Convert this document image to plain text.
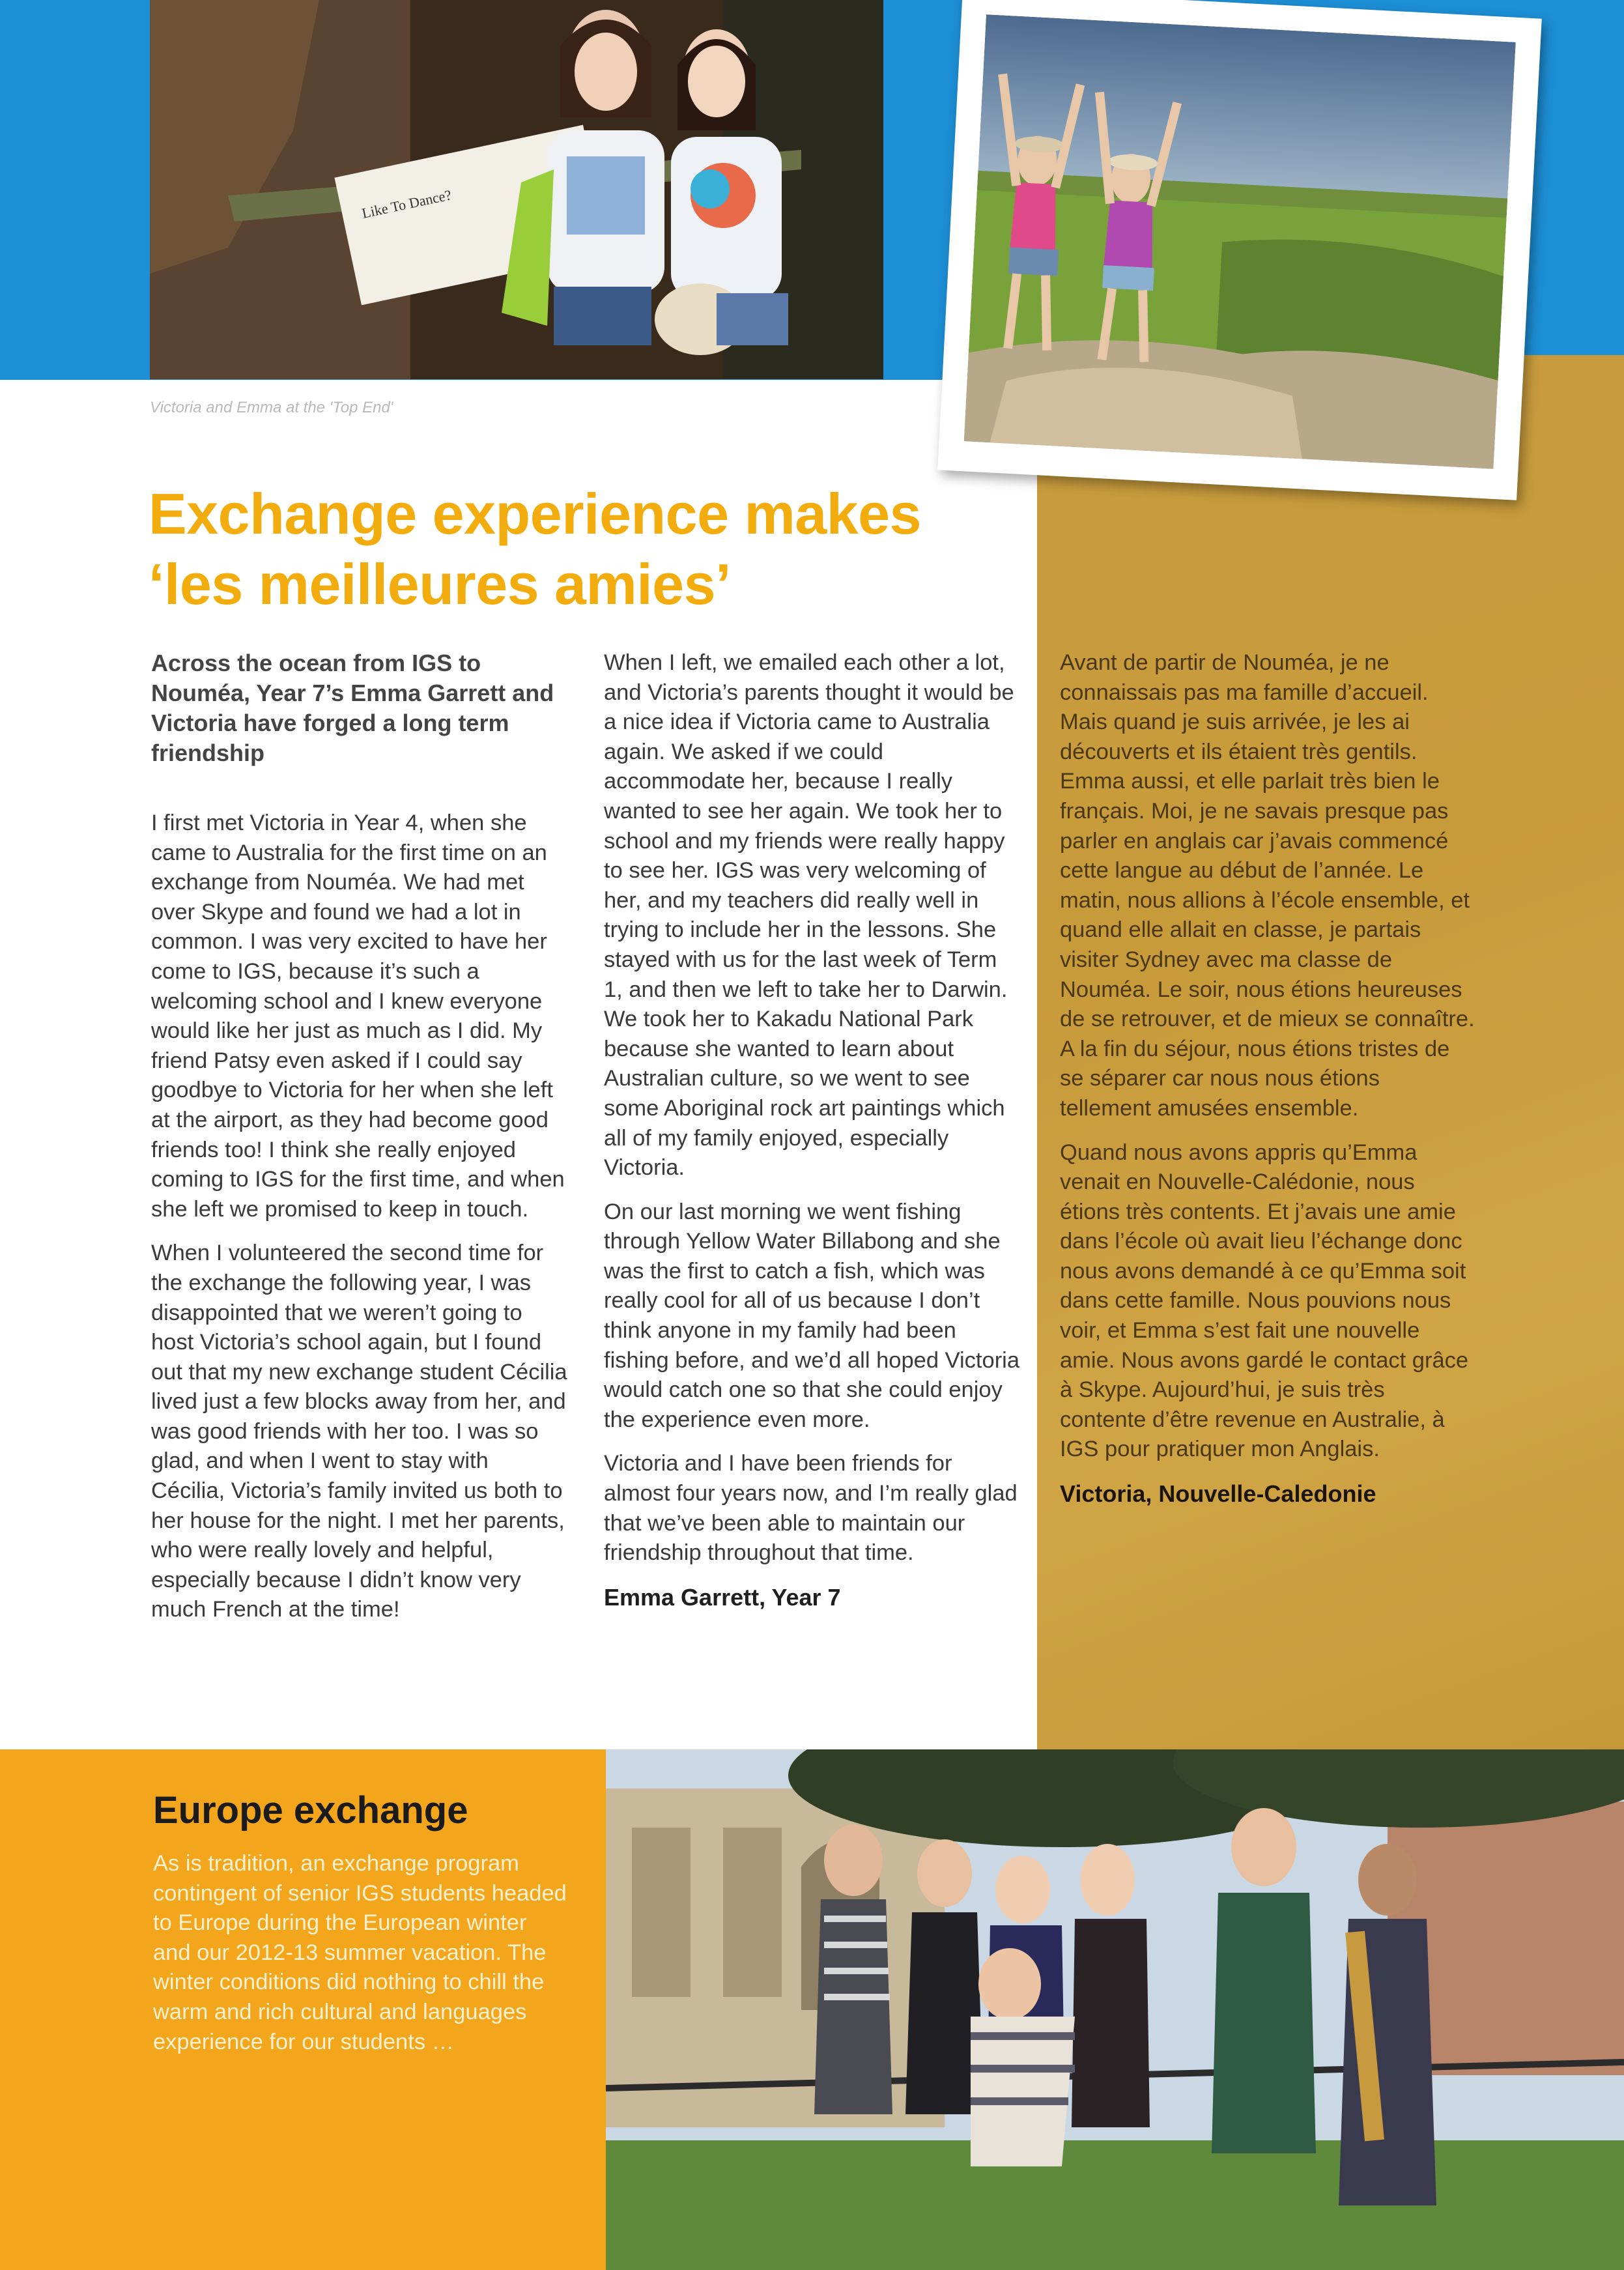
Like To Dance?
Victoria and Emma at the 'Top End'
Exchange experience makes
‘les meilleures amies’

Across the ocean from IGS to Nouméa, Year 7’s Emma Garrett and Victoria have forged a long term friendship

I first met Victoria in Year 4, when she came to Australia for the first time on an exchange from Nouméa. We had met over Skype and found we had a lot in common. I was very excited to have her come to IGS, because it’s such a welcoming school and I knew everyone would like her just as much as I did. My friend Patsy even asked if I could say goodbye to Victoria for her when she left at the airport, as they had become good friends too! I think she really enjoyed coming to IGS for the first time, and when she left we promised to keep in touch.

When I volunteered the second time for the exchange the following year, I was disappointed that we weren’t going to host Victoria’s school again, but I found out that my new exchange student Cécilia lived just a few blocks away from her, and was good friends with her too. I was so glad, and when I went to stay with Cécilia, Victoria’s family invited us both to her house for the night. I met her parents, who were really lovely and helpful, especially because I didn’t know very much French at the time!

When I left, we emailed each other a lot, and Victoria’s parents thought it would be a nice idea if Victoria came to Australia again. We asked if we could accommodate her, because I really wanted to see her again. We took her to school and my friends were really happy to see her. IGS was very welcoming of her, and my teachers did really well in trying to include her in the lessons. She stayed with us for the last week of Term 1, and then we left to take her to Darwin. We took her to Kakadu National Park because she wanted to learn about Australian culture, so we went to see some Aboriginal rock art paintings which all of my family enjoyed, especially Victoria.

On our last morning we went fishing through Yellow Water Billabong and she was the first to catch a fish, which was really cool for all of us because I don’t think anyone in my family had been fishing before, and we’d all hoped Victoria would catch one so that she could enjoy the experience even more.

Victoria and I have been friends for almost four years now, and I’m really glad that we’ve been able to maintain our friendship throughout that time.

Emma Garrett, Year 7

Avant de partir de Nouméa, je ne connaissais pas ma famille d’accueil. Mais quand je suis arrivée, je les ai découverts et ils étaient très gentils. Emma aussi, et elle parlait très bien le français. Moi, je ne savais presque pas parler en anglais car j’avais commencé cette langue au début de l’année. Le matin, nous allions à l’école ensemble, et quand elle allait en classe, je partais visiter Sydney avec ma classe de Nouméa. Le soir, nous étions heureuses de se retrouver, et de mieux se connaître. A la fin du séjour, nous étions tristes de se séparer car nous nous étions tellement amusées ensemble.

Quand nous avons appris qu’Emma venait en Nouvelle-Calédonie, nous étions très contents. Et j’avais une amie dans l’école où avait lieu l’échange donc nous avons demandé à ce qu’Emma soit dans cette famille. Nous pouvions nous voir, et Emma s’est fait une nouvelle amie. Nous avons gardé le contact grâce à Skype. Aujourd’hui, je suis très contente d’être revenue en Australie, à IGS pour pratiquer mon Anglais.

Victoria, Nouvelle-Caledonie

Europe exchange
As is tradition, an exchange program contingent of senior IGS students headed to Europe during the European winter and our 2012-13 summer vacation. The winter conditions did nothing to chill the warm and rich cultural and languages experience for our students …
